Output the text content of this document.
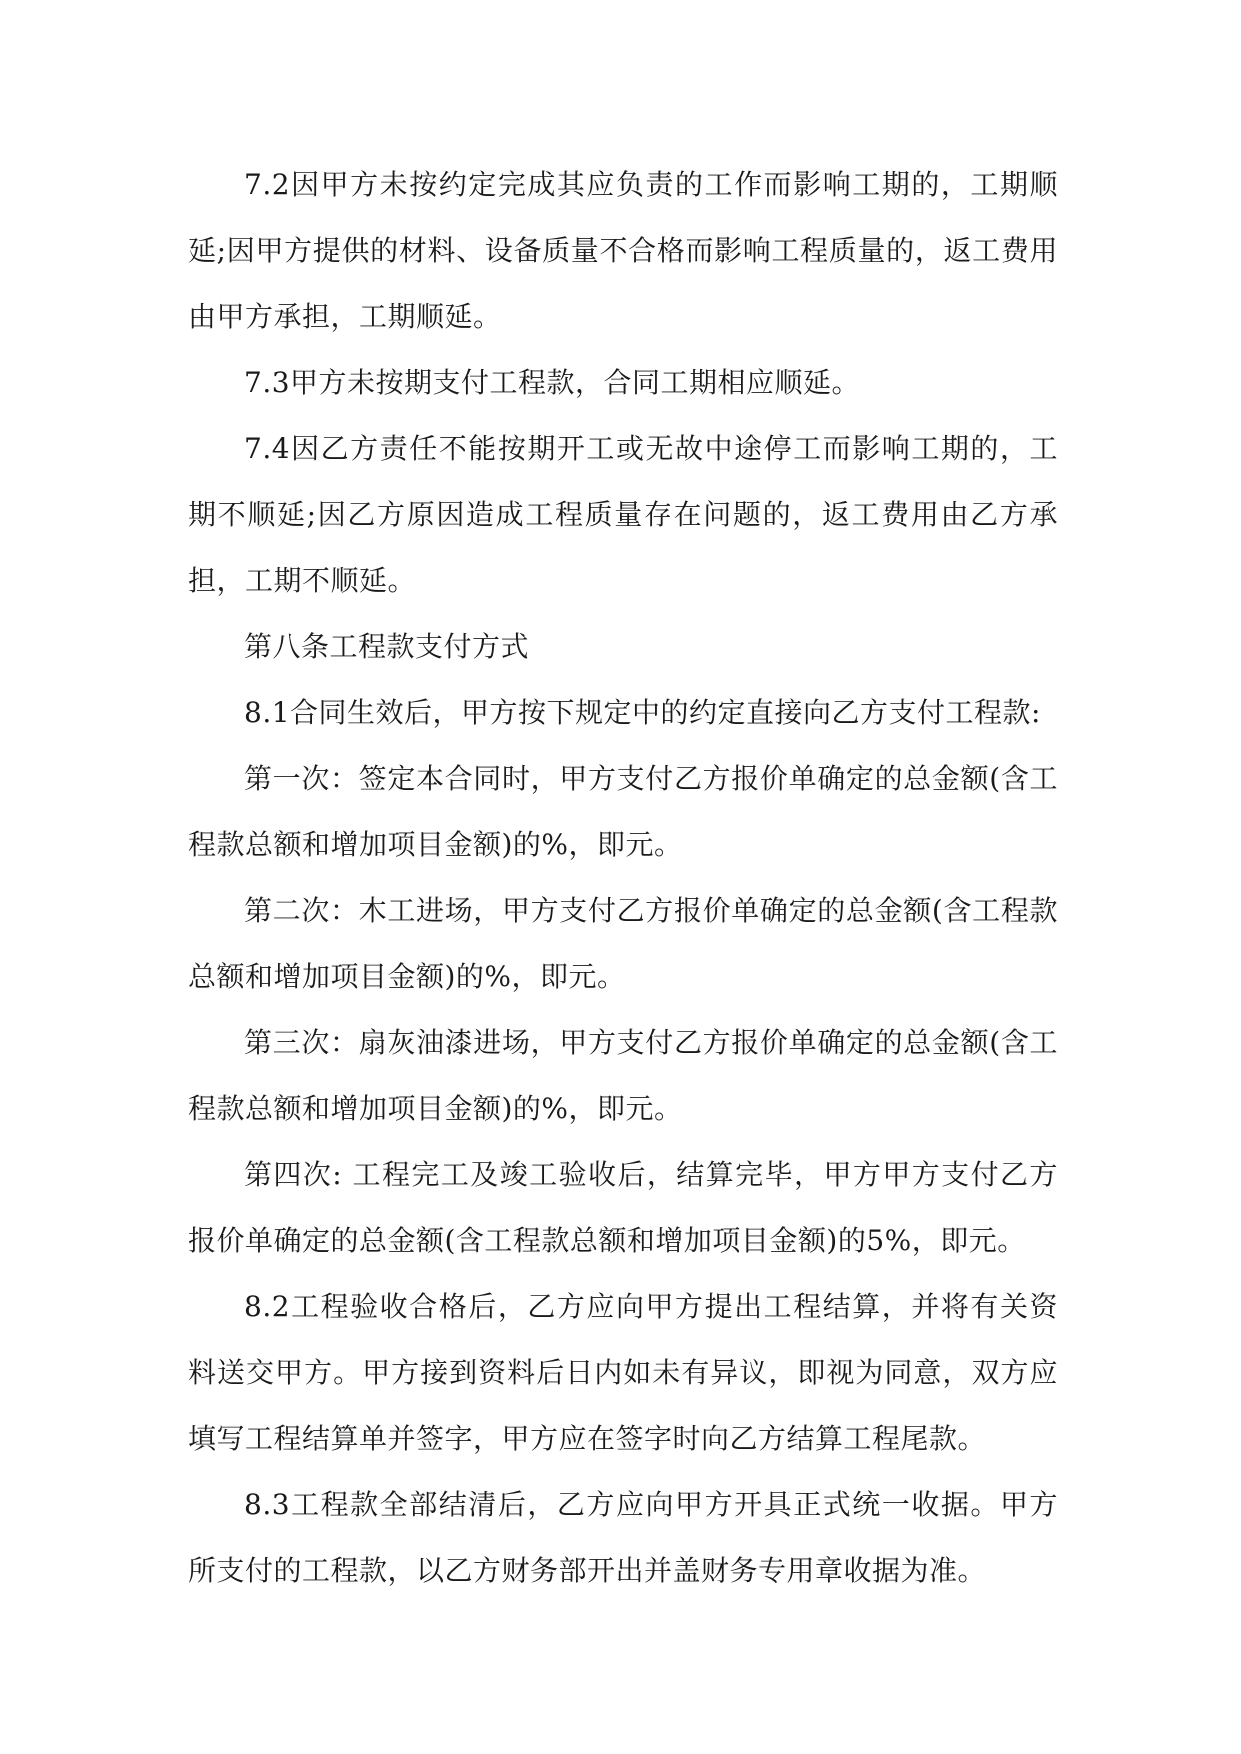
7.2因甲方未按约定完成其应负责的工作而影响工期的，工期顺延;因甲方提供的材料、设备质量不合格而影响工程质量的，返工费用由甲方承担，工期顺延。

7.3甲方未按期支付工程款，合同工期相应顺延。

7.4因乙方责任不能按期开工或无故中途停工而影响工期的，工期不顺延;因乙方原因造成工程质量存在问题的，返工费用由乙方承担，工期不顺延。

第八条工程款支付方式

8.1合同生效后，甲方按下规定中的约定直接向乙方支付工程款:

第一次：签定本合同时，甲方支付乙方报价单确定的总金额(含工程款总额和增加项目金额)的%，即元。

第二次：木工进场，甲方支付乙方报价单确定的总金额(含工程款总额和增加项目金额)的%，即元。

第三次：扇灰油漆进场，甲方支付乙方报价单确定的总金额(含工程款总额和增加项目金额)的%，即元。

第四次: 工程完工及竣工验收后，结算完毕，甲方甲方支付乙方报价单确定的总金额(含工程款总额和增加项目金额)的5%，即元。

8.2工程验收合格后，乙方应向甲方提出工程结算，并将有关资料送交甲方。甲方接到资料后日内如未有异议，即视为同意，双方应填写工程结算单并签字，甲方应在签字时向乙方结算工程尾款。

8.3工程款全部结清后，乙方应向甲方开具正式统一收据。甲方所支付的工程款，以乙方财务部开出并盖财务专用章收据为准。
